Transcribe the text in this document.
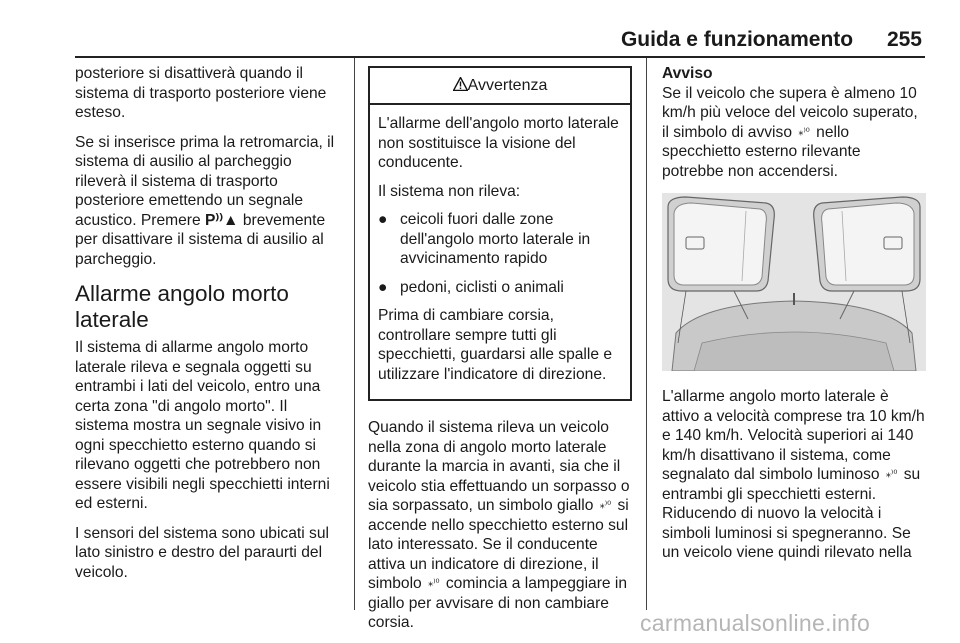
Guida e funzionamento 255

posteriore si disattiverà quando il sistema di trasporto posteriore viene esteso.

Se si inserisce prima la retromarcia, il sistema di ausilio al parcheggio rileverà il sistema di trasporto posteriore emettendo un segnale acustico. Premere P⁾⁾▲ brevemente per disattivare il sistema di ausilio al parcheggio.

Allarme angolo morto laterale

Il sistema di allarme angolo morto laterale rileva e segnala oggetti su entrambi i lati del veicolo, entro una certa zona "di angolo morto". Il sistema mostra un segnale visivo in ogni specchietto esterno quando si rilevano oggetti che potrebbero non essere visibili negli specchietti interni ed esterni.

I sensori del sistema sono ubicati sul lato sinistro e destro del paraurti del veicolo.

Avvertenza

L'allarme dell'angolo morto laterale non sostituisce la visione del conducente.

Il sistema non rileva:

● ceicoli fuori dalle zone dell'angolo morto laterale in avvicinamento rapido
● pedoni, ciclisti o animali

Prima di cambiare corsia, controllare sempre tutti gli specchietti, guardarsi alle spalle e utilizzare l'indicatore di direzione.

Quando il sistema rileva un veicolo nella zona di angolo morto laterale durante la marcia in avanti, sia che il veicolo stia effettuando un sorpasso o sia sorpassato, un simbolo giallo ⁎⁾⁰ si accende nello specchietto esterno sul lato interessato. Se il conducente attiva un indicatore di direzione, il simbolo ⁎⁾⁰ comincia a lampeggiare in giallo per avvisare di non cambiare corsia.

Avviso

Se il veicolo che supera è almeno 10 km/h più veloce del veicolo superato, il simbolo di avviso ⁎⁾⁰ nello specchietto esterno rilevante potrebbe non accendersi.

L'allarme angolo morto laterale è attivo a velocità comprese tra 10 km/h e 140 km/h. Velocità superiori ai 140 km/h disattivano il sistema, come segnalato dal simbolo luminoso ⁎⁾⁰ su entrambi gli specchietti esterni. Riducendo di nuovo la velocità i simboli luminosi si spegneranno. Se un veicolo viene quindi rilevato nella

carmanualsonline.info
